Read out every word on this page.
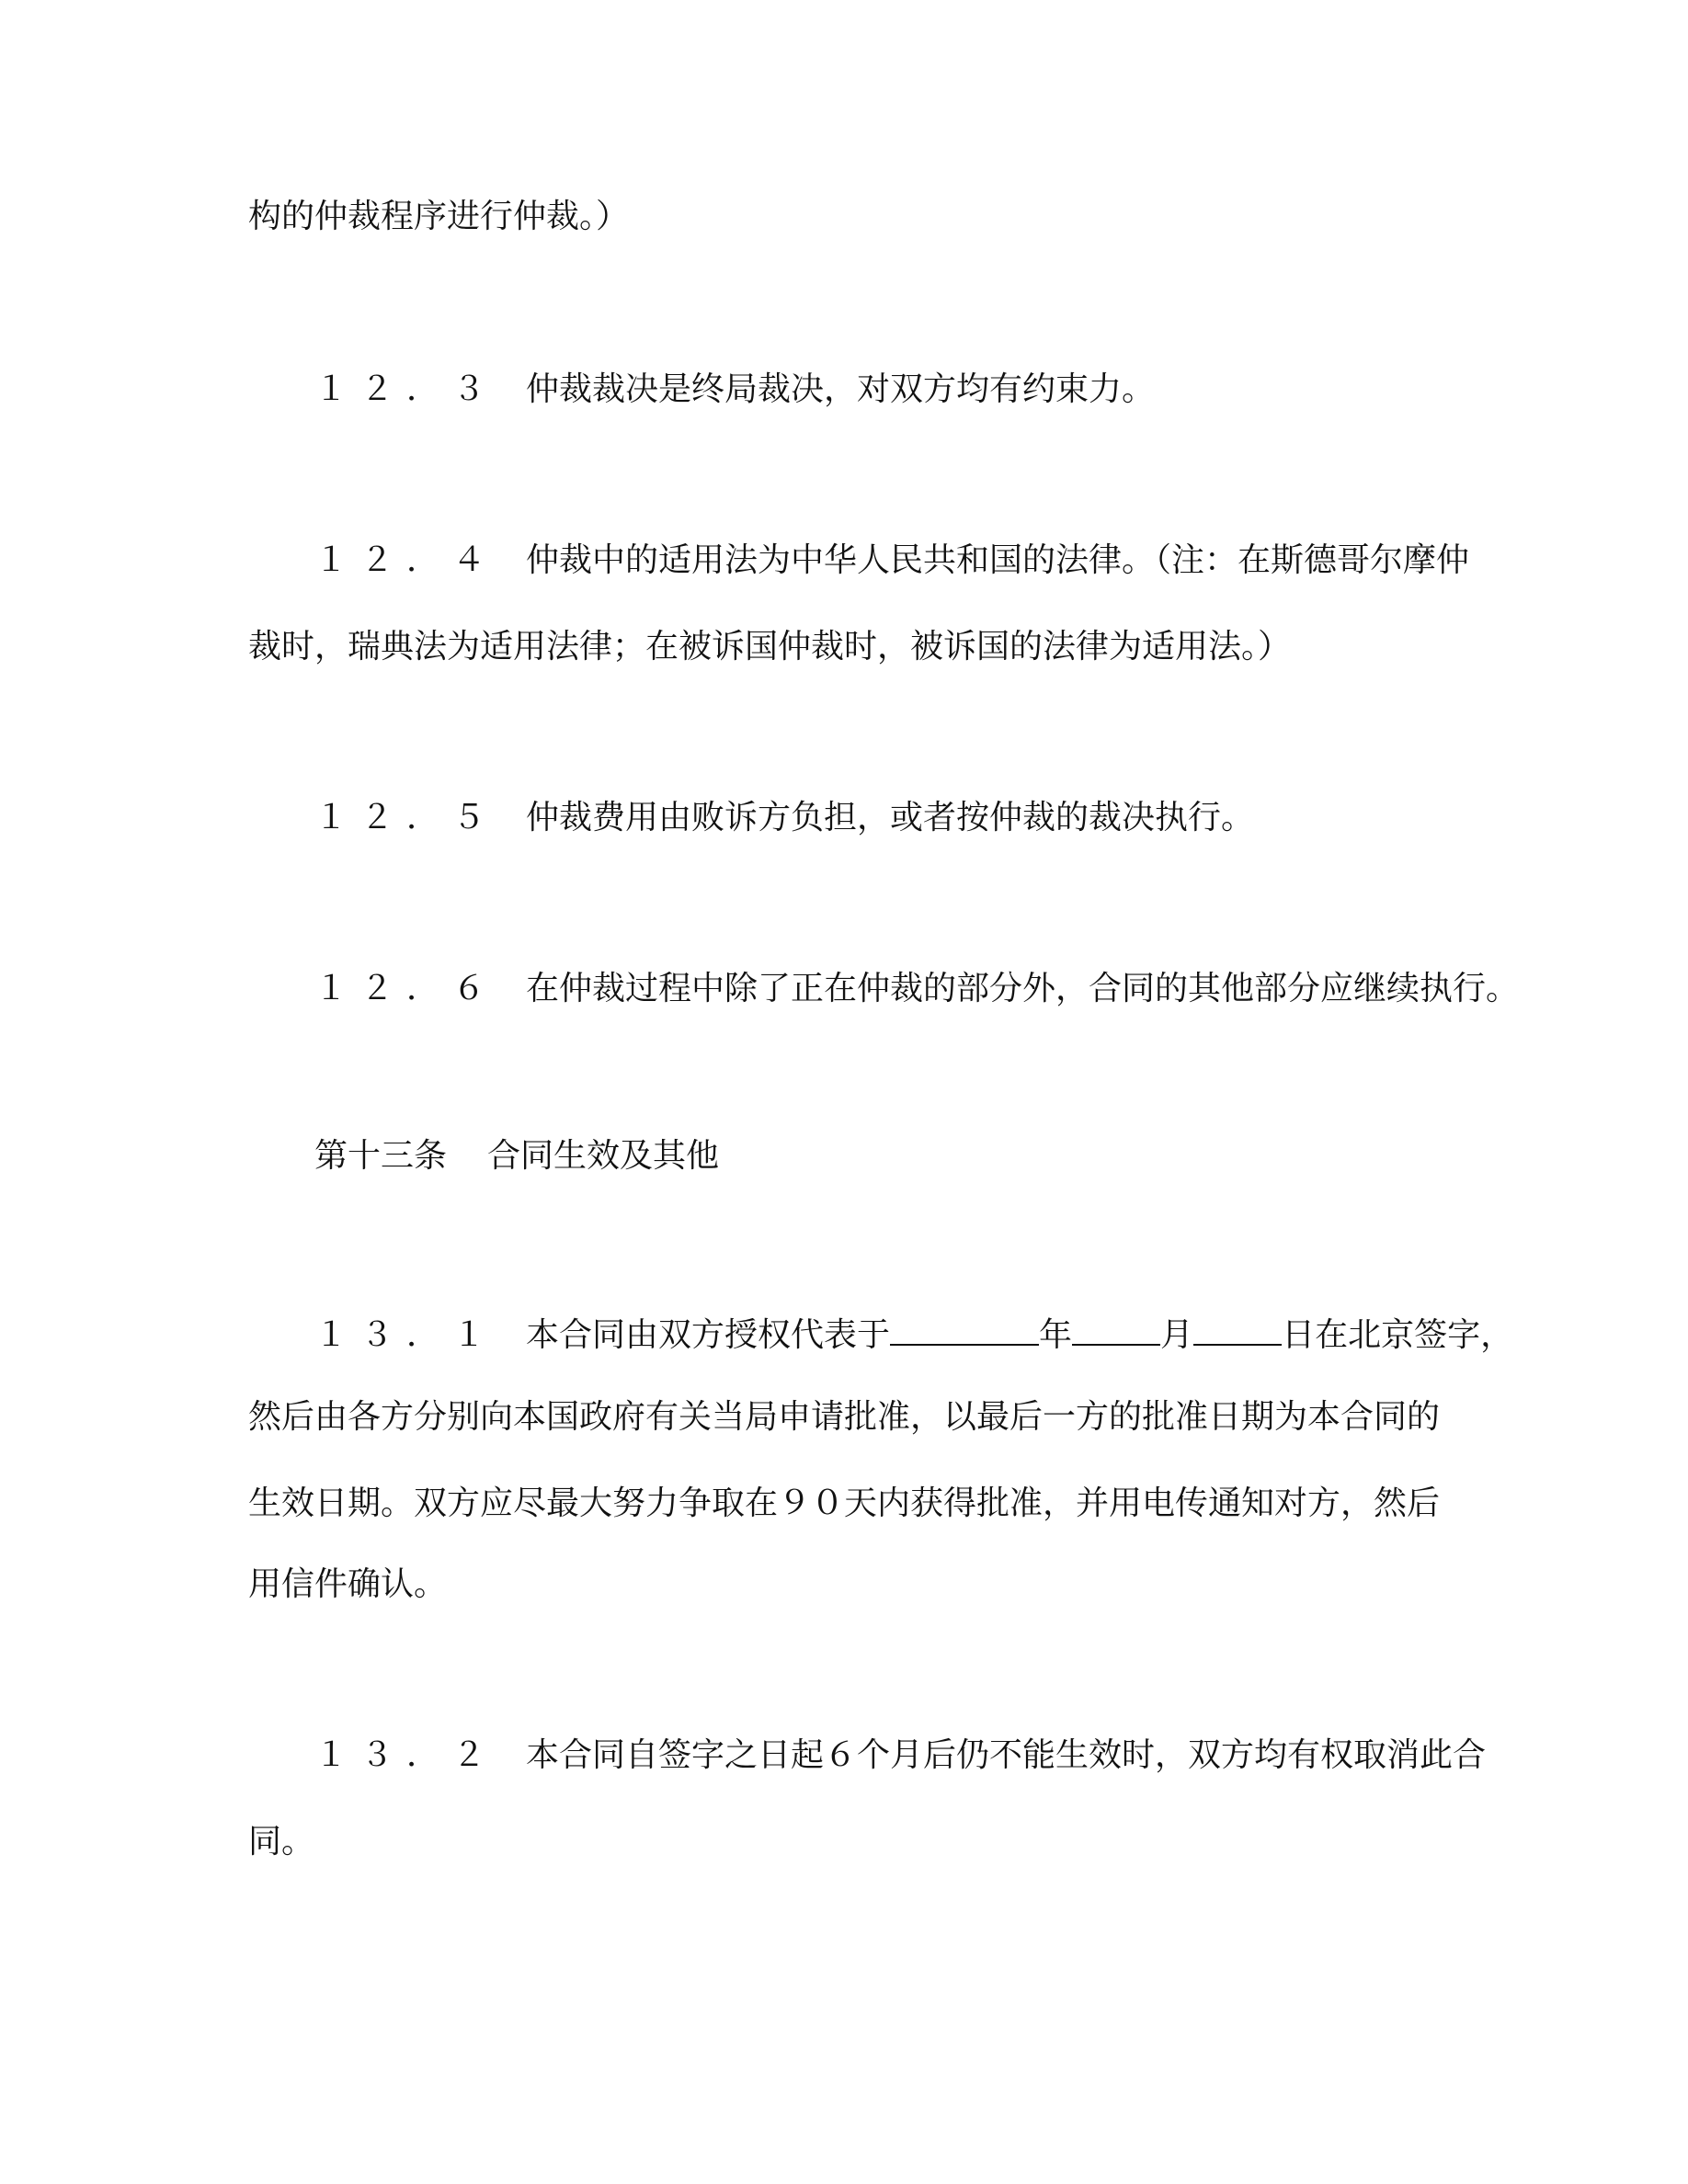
构的仲裁程序进行仲裁。）
１２．３ 仲裁裁决是终局裁决，对双方均有约束力。
１２．４ 仲裁中的适用法为中华人民共和国的法律。（注：在斯德哥尔摩仲
裁时，瑞典法为适用法律；在被诉国仲裁时，被诉国的法律为适用法。）
１２．５ 仲裁费用由败诉方负担，或者按仲裁的裁决执行。
１２．６ 在仲裁过程中除了正在仲裁的部分外，合同的其他部分应继续执行。
第十三条 合同生效及其他
１３．１ 本合同由双方授权代表于	年	月	日在北京签字，
然后由各方分别向本国政府有关当局申请批准，以最后一方的批准日期为本合同的
生效日期。双方应尽最大努力争取在９０天内获得批准，并用电传通知对方，然后
用信件确认。
１３．２ 本合同自签字之日起６个月后仍不能生效时，双方均有权取消此合
同。
